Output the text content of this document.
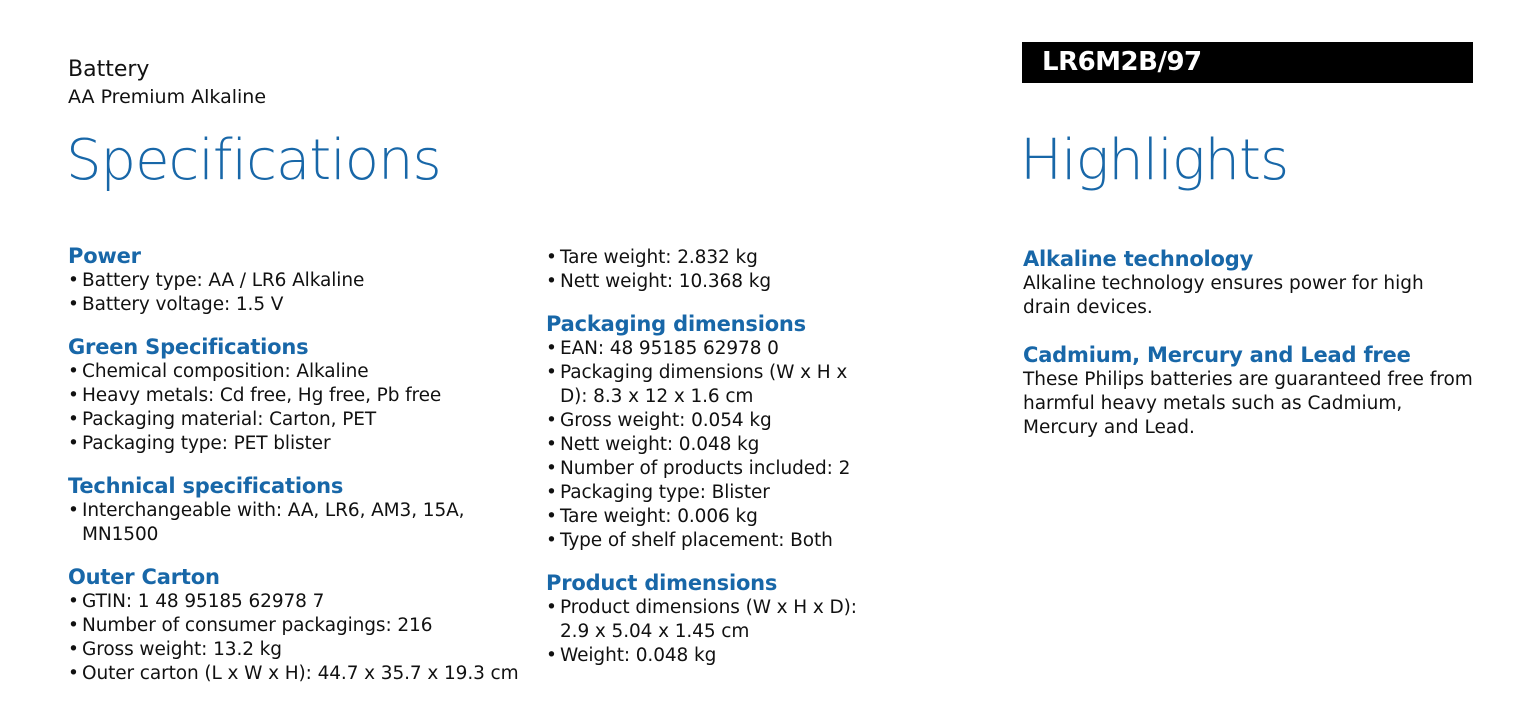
Battery
AA Premium Alkaline
LR6M2B/97
Specifications	Highlights
Power
• Battery type: AA / LR6 Alkaline
• Battery voltage: 1.5 V
Green Specifications
• Chemical composition: Alkaline
• Heavy metals: Cd free, Hg free, Pb free
• Packaging material: Carton, PET
• Packaging type: PET blister
Technical specifications
• Interchangeable with: AA, LR6, AM3, 15A, MN1500
Outer Carton
• GTIN: 1 48 95185 62978 7
• Number of consumer packagings: 216
• Gross weight: 13.2 kg
• Outer carton (L x W x H): 44.7 x 35.7 x 19.3 cm
• Tare weight: 2.832 kg
• Nett weight: 10.368 kg
Packaging dimensions
• EAN: 48 95185 62978 0
• Packaging dimensions (W x H x D): 8.3 x 12 x 1.6 cm
• Gross weight: 0.054 kg
• Nett weight: 0.048 kg
• Number of products included: 2
• Packaging type: Blister
• Tare weight: 0.006 kg
• Type of shelf placement: Both
Product dimensions
• Product dimensions (W x H x D): 2.9 x 5.04 x 1.45 cm
• Weight: 0.048 kg
Alkaline technology
Alkaline technology ensures power for high drain devices.
Cadmium, Mercury and Lead free
These Philips batteries are guaranteed free from harmful heavy metals such as Cadmium, Mercury and Lead.
